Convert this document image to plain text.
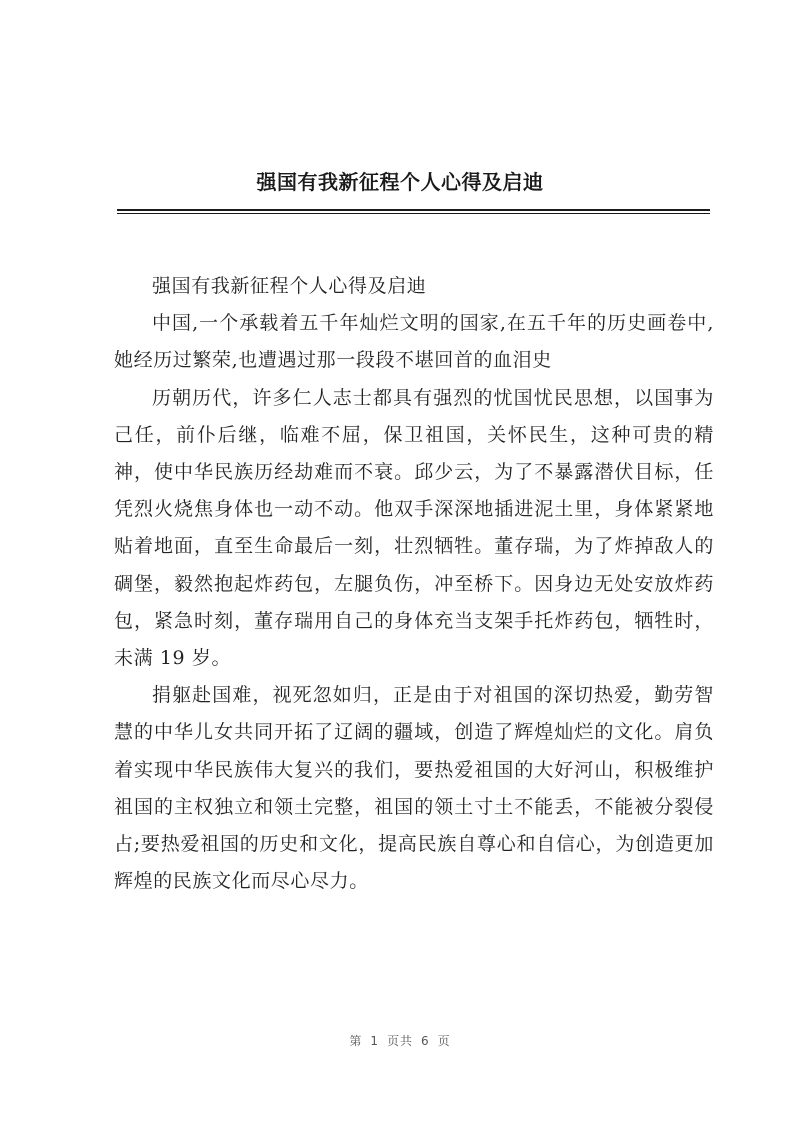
强国有我新征程个人心得及启迪

强国有我新征程个人心得及启迪

中国,一个承载着五千年灿烂文明的国家,在五千年的历史画卷中,她经历过繁荣,也遭遇过那一段段不堪回首的血泪史

历朝历代，许多仁人志士都具有强烈的忧国忧民思想，以国事为己任，前仆后继，临难不屈，保卫祖国，关怀民生，这种可贵的精神，使中华民族历经劫难而不衰。邱少云，为了不暴露潜伏目标，任凭烈火烧焦身体也一动不动。他双手深深地插进泥土里，身体紧紧地贴着地面，直至生命最后一刻，壮烈牺牲。董存瑞，为了炸掉敌人的碉堡，毅然抱起炸药包，左腿负伤，冲至桥下。因身边无处安放炸药包，紧急时刻，董存瑞用自己的身体充当支架手托炸药包，牺牲时，未满 19 岁。

捐躯赴国难，视死忽如归，正是由于对祖国的深切热爱，勤劳智慧的中华儿女共同开拓了辽阔的疆域，创造了辉煌灿烂的文化。肩负着实现中华民族伟大复兴的我们，要热爱祖国的大好河山，积极维护祖国的主权独立和领土完整，祖国的领土寸土不能丢，不能被分裂侵占;要热爱祖国的历史和文化，提高民族自尊心和自信心，为创造更加辉煌的民族文化而尽心尽力。

第 1 页共 6 页
